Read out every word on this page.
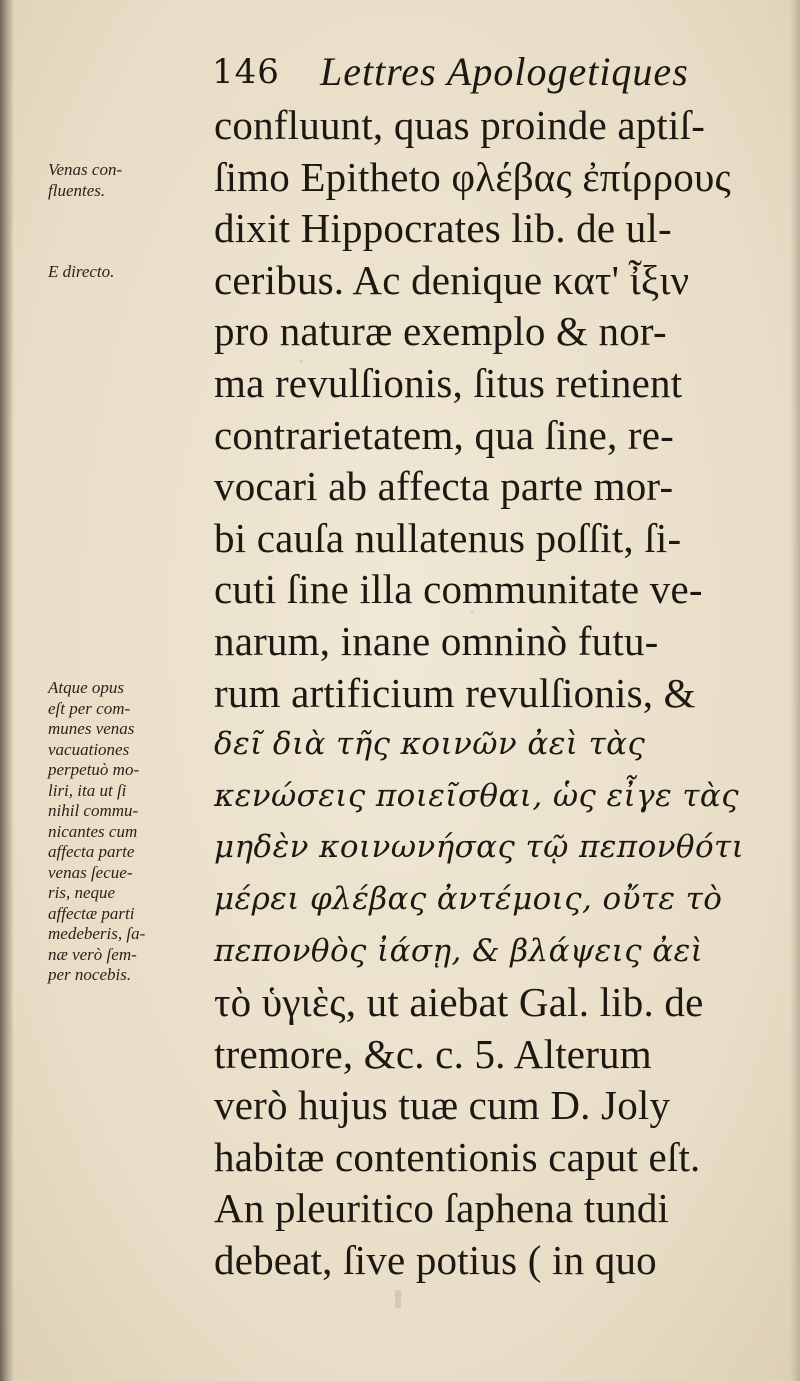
146 Lettres Apologetiques
confluunt, quas proinde aptiſ-
ſimo Epitheto φλέβας ἐπίρρους
dixit Hippocrates lib. de ul-
ceribus. Ac denique κατ' ἶξιν
pro naturæ exemplo & nor-
ma revulſionis, ſitus retinent
contrarietatem, qua ſine, re-
vocari ab affecta parte mor-
bi cauſa nullatenus poſſit, ſi-
cuti ſine illa communitate ve-
narum, inane omninò futu-
rum artificium revulſionis, &
δεῖ διὰ τῆς κοινῶν ἀεὶ τὰς
κενώσεις ποιεῖσθαι, ὡς εἶγε τὰς
μηδὲν κοινωνήσας τῷ πεπονθότι
μέρει φλέβας ἀντέμοις, οὔτε τὸ
πεπονθὸς ἰάσῃ, & βλάψεις ἀεὶ
τὸ ὑγιὲς, ut aiebat Gal. lib. de
tremore, &c. c. 5. Alterum
verò hujus tuæ cum D. Joly
habitæ contentionis caput eſt.
An pleuritico ſaphena tundi
debeat, ſive potius ( in quo
Venas con-
fluentes.
E directo.
Atque opus
eſt per com-
munes venas
vacuationes
perpetuò mo-
liri, ita ut ſi
nihil commu-
nicantes cum
affecta parte
venas ſecue-
ris, neque
affectæ parti
medeberis, ſa-
næ verò ſem-
per nocebis.
